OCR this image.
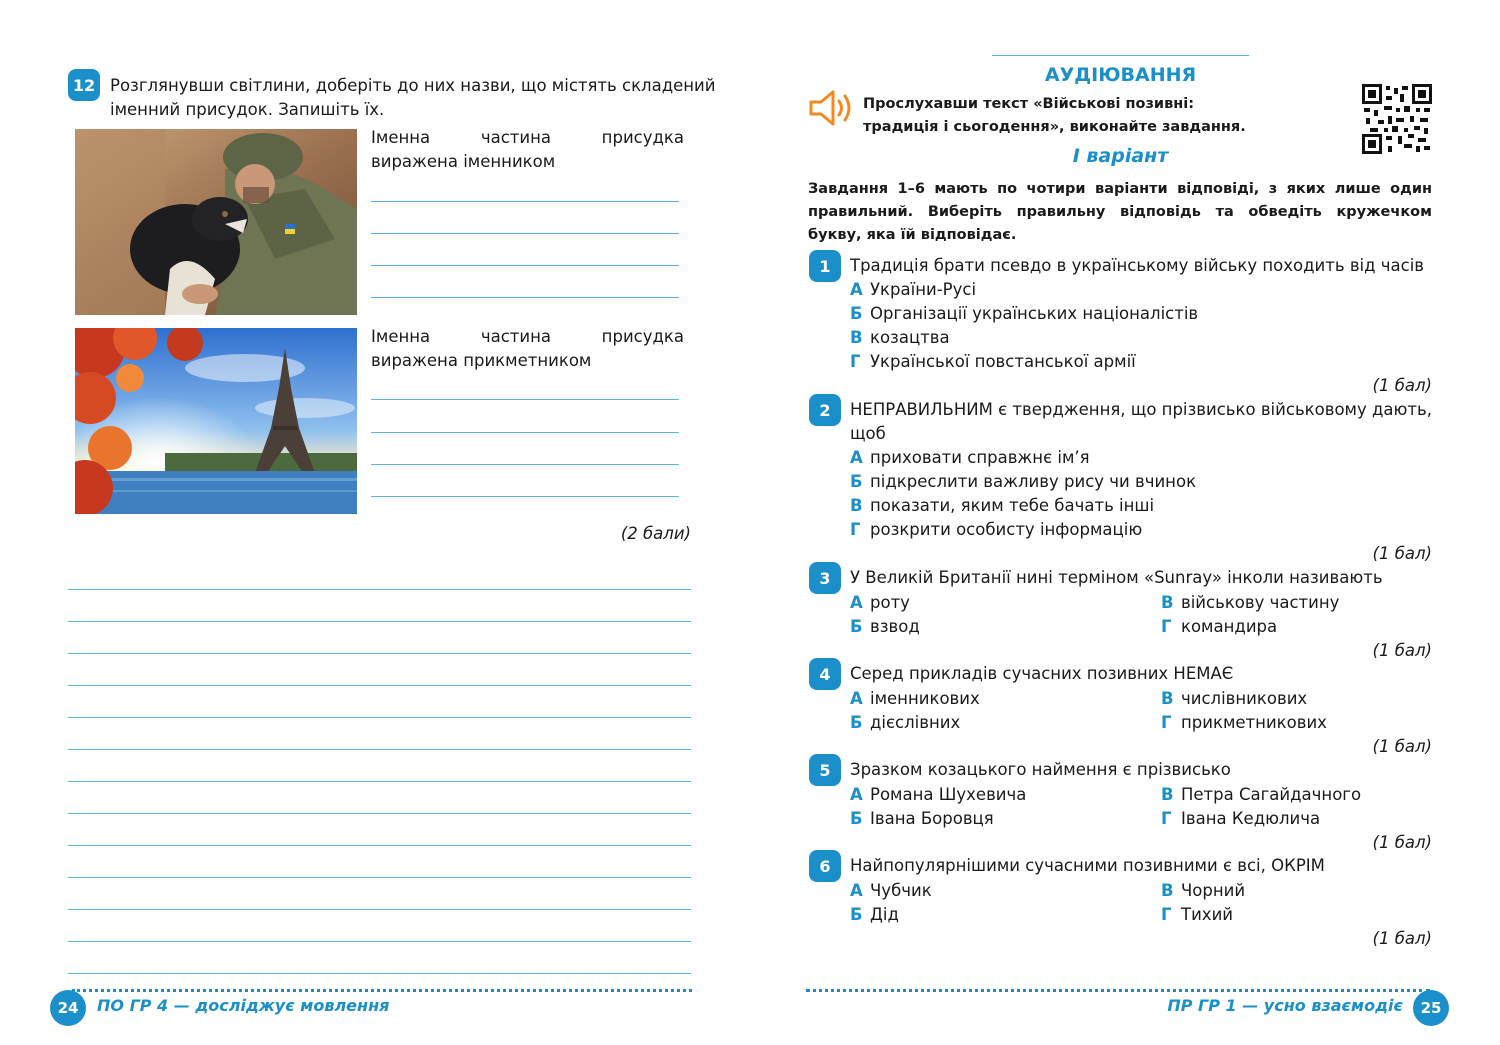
12 Розглянувши світлини, доберіть до них назви, що містять складений
іменний присудок. Запишіть їх.
Іменна частина присудка виражена іменником
Іменна частина присудка виражена прикметником
(2 бали)
24 ПО ГР 4 — досліджує мовлення
АУДІЮВАННЯ
Прослухавши текст «Військові позивні: традиція і сьогодення», виконайте завдання.
І варіант
Завдання 1–6 мають по чотири варіанти відповіді, з яких лише один правильний. Виберіть правильну відповідь та обведіть кружечком букву, яка їй відповідає.
1 Традиція брати псевдо в українському війську походить від часів
А України-Русі
Б Організації українських націоналістів
В козацтва
Г Української повстанської армії
(1 бал)
2 НЕПРАВИЛЬНИМ є твердження, що прізвисько військовому дають, щоб
А приховати справжнє ім’я
Б підкреслити важливу рису чи вчинок
В показати, яким тебе бачать інші
Г розкрити особисту інформацію
(1 бал)
3 У Великій Британії нині терміном «Sunray» інколи називають
А роту
Б взвод
В військову частину
Г командира
(1 бал)
4 Серед прикладів сучасних позивних НЕМАЄ
А іменникових
Б дієслівних
В числівникових
Г прикметникових
(1 бал)
5 Зразком козацького наймення є прізвисько
А Романа Шухевича
Б Івана Боровця
В Петра Сагайдачного
Г Івана Кедюлича
(1 бал)
6 Найпопулярнішими сучасними позивними є всі, ОКРІМ
А Чубчик
Б Дід
В Чорний
Г Тихий
(1 бал)
ПР ГР 1 — усно взаємодіє 25
